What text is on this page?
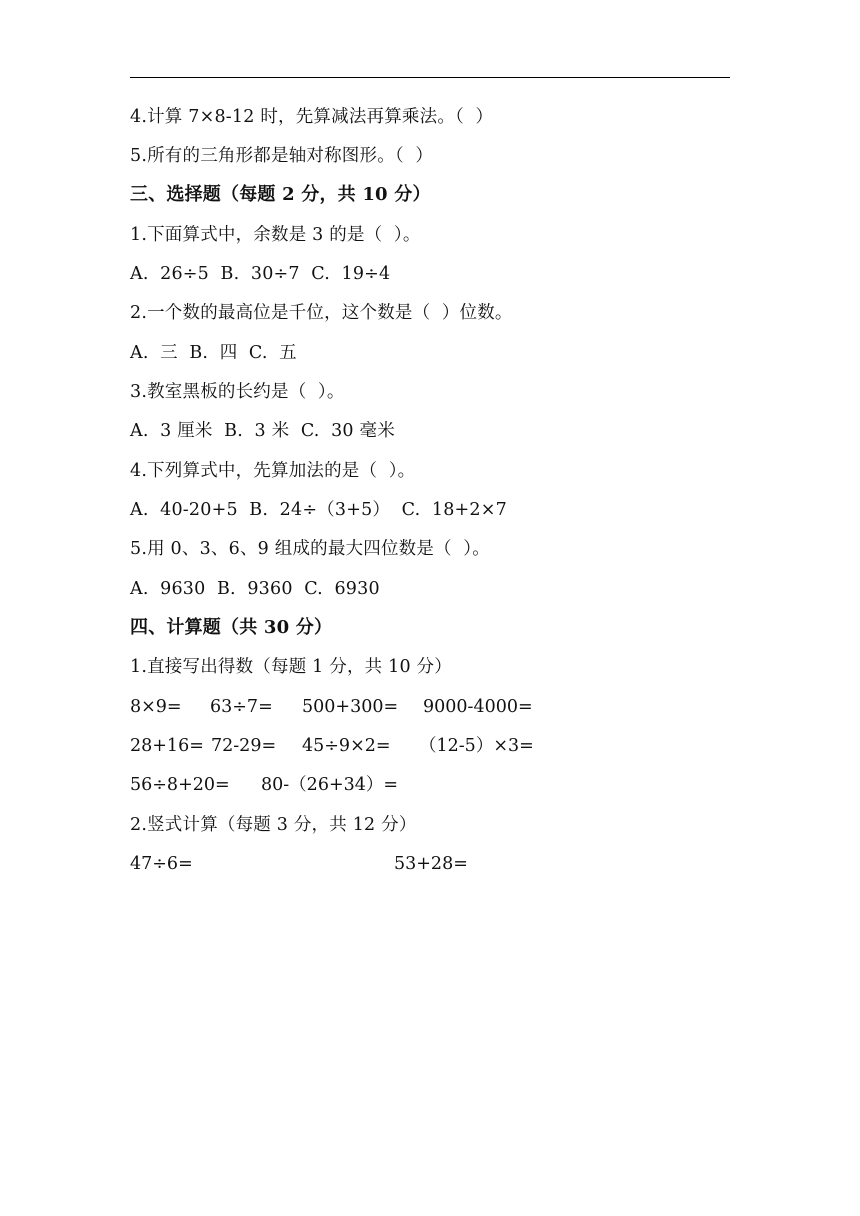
4.计算 7×8-12 时，先算减法再算乘法。（  ）
5.所有的三角形都是轴对称图形。（  ）
三、选择题（每题 2 分，共 10 分）
1.下面算式中，余数是 3 的是（  ）。
A.  26÷5  B.  30÷7  C.  19÷4
2.一个数的最高位是千位，这个数是（  ）位数。
A.  三  B.  四  C.  五
3.教室黑板的长约是（  ）。
A.  3 厘米  B.  3 米  C.  30 毫米
4.下列算式中，先算加法的是（  ）。
A.  40-20+5  B.  24÷（3+5）  C.  18+2×7
5.用 0、3、6、9 组成的最大四位数是（  ）。
A.  9630  B.  9360  C.  6930
四、计算题（共 30 分）
1.直接写出得数（每题 1 分，共 10 分）
8×9= 63÷7= 500+300= 9000-4000=
28+16= 72-29= 45÷9×2= （12-5）×3=
56÷8+20= 80-（26+34）=
2.竖式计算（每题 3 分，共 12 分）
47÷6=	53+28=
